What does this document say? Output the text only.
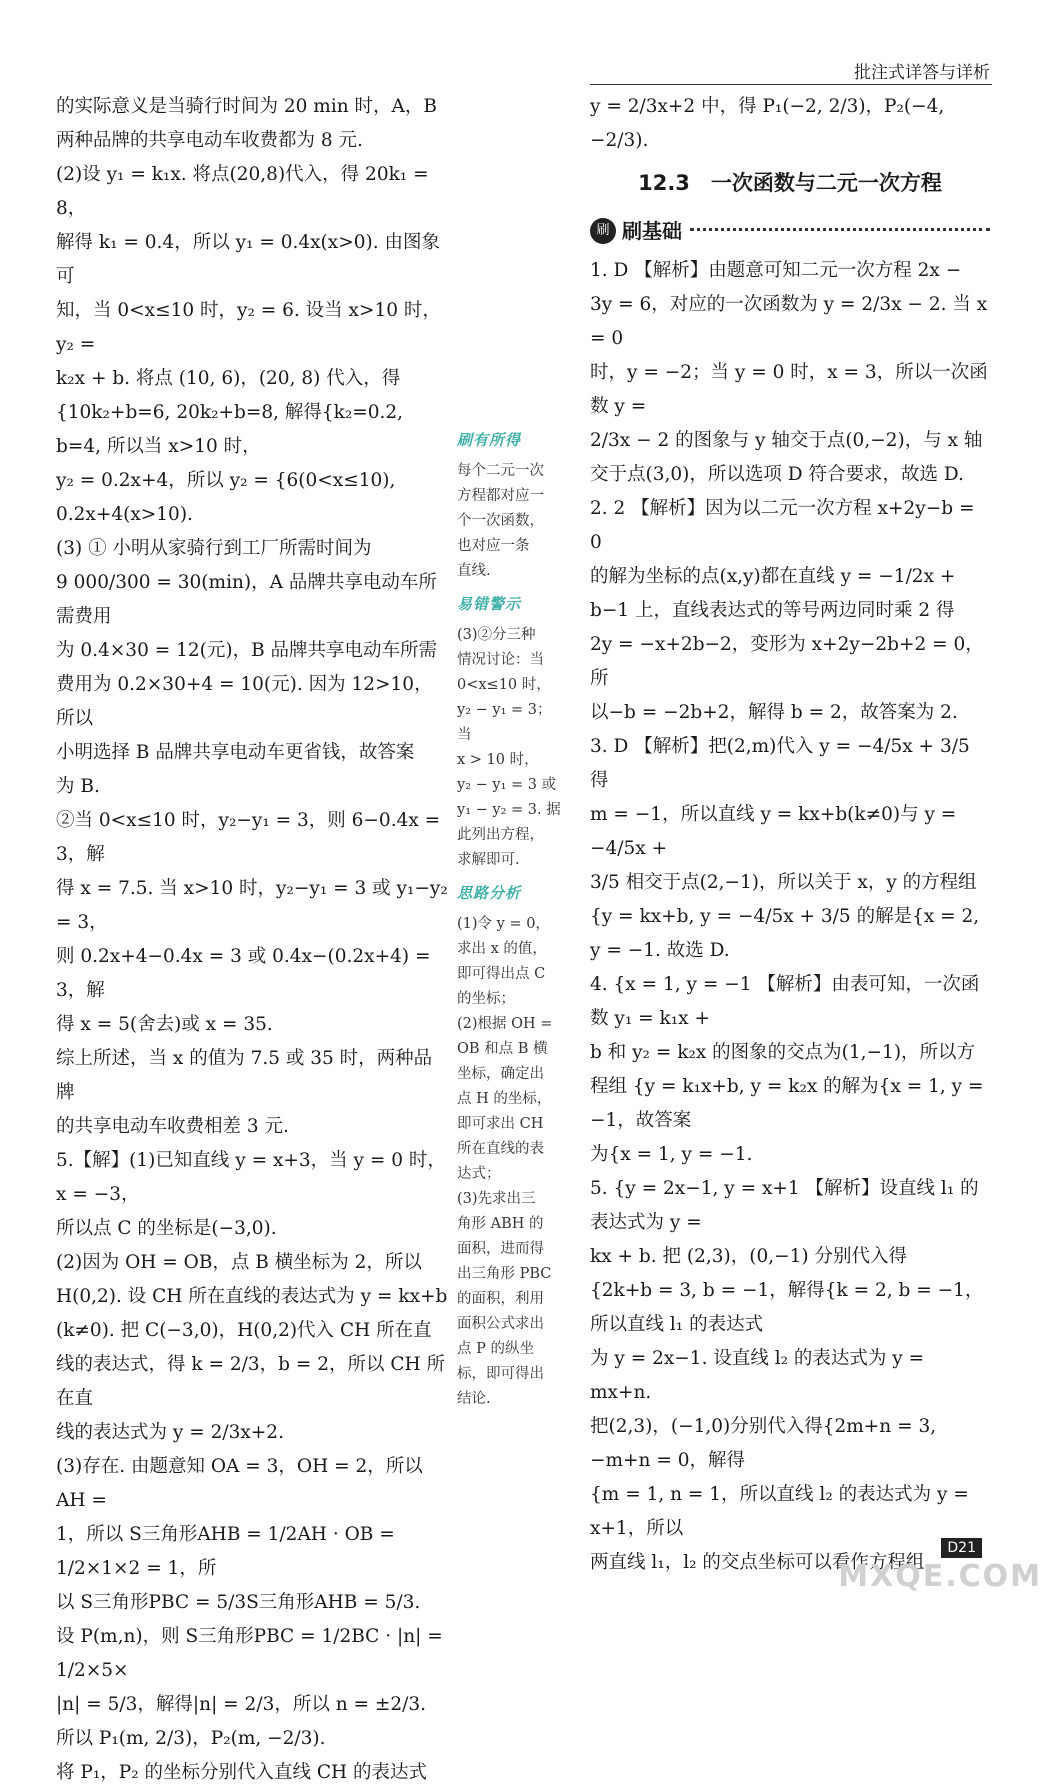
批注式详答与详析
的实际意义是当骑行时间为 20 min 时，A，B
两种品牌的共享电动车收费都为 8 元.
(2)设 y₁ = k₁x. 将点(20,8)代入，得 20k₁ = 8，
解得 k₁ = 0.4，所以 y₁ = 0.4x(x>0). 由图象可
知，当 0<x≤10 时，y₂ = 6. 设当 x>10 时，y₂ =
k₂x + b. 将点 (10, 6)，(20, 8) 代入，得
{10k₂+b=6, 20k₂+b=8, 解得{k₂=0.2, b=4, 所以当 x>10 时，
y₂ = 0.2x+4，所以 y₂ = {6(0<x≤10), 0.2x+4(x>10).
(3) ① 小明从家骑行到工厂所需时间为
9 000/300 = 30(min)，A 品牌共享电动车所需费用
为 0.4×30 = 12(元)，B 品牌共享电动车所需
费用为 0.2×30+4 = 10(元). 因为 12>10，所以
小明选择 B 品牌共享电动车更省钱，故答案
为 B.
②当 0<x≤10 时，y₂−y₁ = 3，则 6−0.4x = 3，解
得 x = 7.5. 当 x>10 时，y₂−y₁ = 3 或 y₁−y₂ = 3，
则 0.2x+4−0.4x = 3 或 0.4x−(0.2x+4) = 3，解
得 x = 5(舍去)或 x = 35.
综上所述，当 x 的值为 7.5 或 35 时，两种品牌
的共享电动车收费相差 3 元.
5.【解】(1)已知直线 y = x+3，当 y = 0 时，x = −3，
所以点 C 的坐标是(−3,0).
(2)因为 OH = OB，点 B 横坐标为 2，所以
H(0,2). 设 CH 所在直线的表达式为 y = kx+b
(k≠0). 把 C(−3,0)，H(0,2)代入 CH 所在直
线的表达式，得 k = 2/3，b = 2，所以 CH 所在直
线的表达式为 y = 2/3x+2.
(3)存在. 由题意知 OA = 3，OH = 2，所以 AH =
1，所以 S三角形AHB = 1/2AH · OB = 1/2×1×2 = 1，所
以 S三角形PBC = 5/3S三角形AHB = 5/3.
设 P(m,n)，则 S三角形PBC = 1/2BC · |n| = 1/2×5×
|n| = 5/3，解得|n| = 2/3，所以 n = ±2/3.
所以 P₁(m, 2/3)，P₂(m, −2/3).
将 P₁，P₂ 的坐标分别代入直线 CH 的表达式
刷有所得
每个二元一次
方程都对应一
个一次函数，
也对应一条
直线.
易错警示
(3)②分三种
情况讨论：当
0<x≤10 时，
y₂ − y₁ = 3；当
x > 10 时，
y₂ − y₁ = 3 或
y₁ − y₂ = 3. 据
此列出方程，
求解即可.
思路分析
(1)令 y = 0，
求出 x 的值，
即可得出点 C
的坐标；
(2)根据 OH =
OB 和点 B 横
坐标，确定出
点 H 的坐标，
即可求出 CH
所在直线的表
达式；
(3)先求出三
角形 ABH 的
面积，进而得
出三角形 PBC
的面积，利用
面积公式求出
点 P 的纵坐
标，即可得出
结论.
y = 2/3x+2 中，得 P₁(−2, 2/3)，P₂(−4, −2/3).
12.3　一次函数与二元一次方程
刷 刷基础
1. D 【解析】由题意可知二元一次方程 2x −
3y = 6，对应的一次函数为 y = 2/3x − 2. 当 x = 0
时，y = −2；当 y = 0 时，x = 3，所以一次函数 y =
2/3x − 2 的图象与 y 轴交于点(0,−2)，与 x 轴
交于点(3,0)，所以选项 D 符合要求，故选 D.
2. 2 【解析】因为以二元一次方程 x+2y−b = 0
的解为坐标的点(x,y)都在直线 y = −1/2x +
b−1 上，直线表达式的等号两边同时乘 2 得
2y = −x+2b−2，变形为 x+2y−2b+2 = 0，所
以−b = −2b+2，解得 b = 2，故答案为 2.
3. D 【解析】把(2,m)代入 y = −4/5x + 3/5 得
m = −1，所以直线 y = kx+b(k≠0)与 y = −4/5x +
3/5 相交于点(2,−1)，所以关于 x，y 的方程组
{y = kx+b, y = −4/5x + 3/5 的解是{x = 2, y = −1. 故选 D.
4. {x = 1, y = −1 【解析】由表可知，一次函数 y₁ = k₁x +
b 和 y₂ = k₂x 的图象的交点为(1,−1)，所以方
程组 {y = k₁x+b, y = k₂x 的解为{x = 1, y = −1，故答案
为{x = 1, y = −1.
5. {y = 2x−1, y = x+1 【解析】设直线 l₁ 的表达式为 y =
kx + b. 把 (2,3)，(0,−1) 分别代入得
{2k+b = 3, b = −1，解得{k = 2, b = −1，所以直线 l₁ 的表达式
为 y = 2x−1. 设直线 l₂ 的表达式为 y = mx+n.
把(2,3)，(−1,0)分别代入得{2m+n = 3, −m+n = 0，解得
{m = 1, n = 1，所以直线 l₂ 的表达式为 y = x+1，所以
两直线 l₁，l₂ 的交点坐标可以看作方程组
D21
MXQE.COM
